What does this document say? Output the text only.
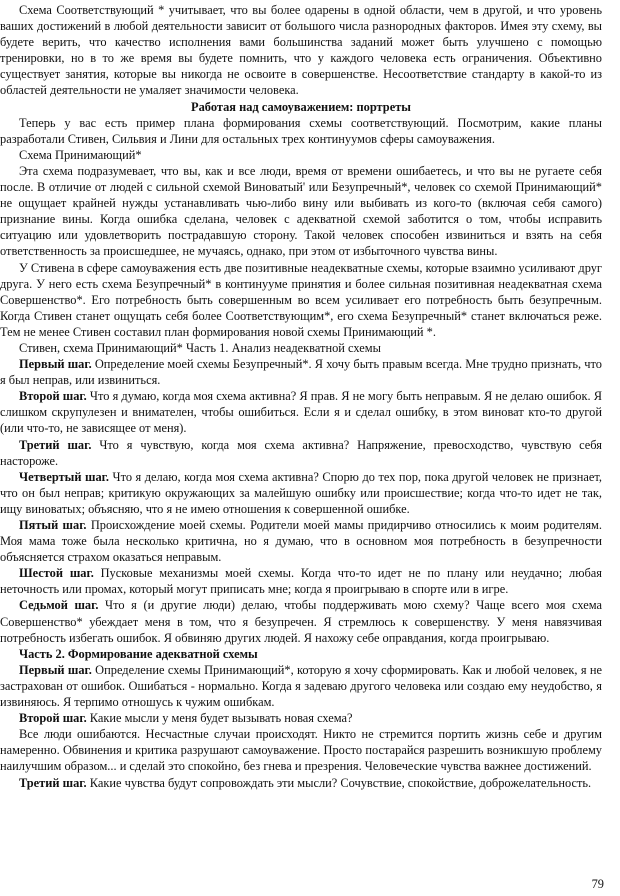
Схема Соответствующий * учитывает, что вы более одарены в одной области, чем в другой, и что уровень ваших достижений в любой деятельности зависит от большого числа разнородных факторов. Имея эту схему, вы будете верить, что качество исполнения вами большинства заданий может быть улучшено с помощью тренировки, но в то же время вы будете помнить, что у каждого человека есть ограничения. Объективно существует занятия, которые вы никогда не освоите в совершенстве. Несоответствие стандарту в какой-то из областей деятельности не умаляет значимости человека.

Работая над самоуважением: портреты

Теперь у вас есть пример плана формирования схемы соответствующий. Посмотрим, какие планы разработали Стивен, Сильвия и Лини для остальных трех континуумов сферы самоуважения.

Схема Принимающий*

Эта схема подразумевает, что вы, как и все люди, время от времени ошибаетесь, и что вы не ругаете себя после. В отличие от людей с сильной схемой Виноватый' или Безупречный*, человек со схемой Принимающий* не ощущает крайней нужды устанавливать чью-либо вину или выбивать из кого-то (включая себя самого) признание вины. Когда ошибка сделана, человек с адекватной схемой заботится о том, чтобы исправить ситуацию или удовлетворить пострадавшую сторону. Такой человек способен извиниться и взять на себя ответственность за происшедшее, не мучаясь, однако, при этом от избыточного чувства вины.

У Стивена в сфере самоуважения есть две позитивные неадекватные схемы, которые взаимно усиливают друг друга. У него есть схема Безупречный* в континууме принятия и более сильная позитивная неадекватная схема Совершенство*. Его потребность быть совершенным во всем усиливает его потребность быть безупречным. Когда Стивен станет ощущать себя более Соответствующим*, его схема Безупречный* станет включаться реже. Тем не менее Стивен составил план формирования новой схемы Принимающий *.

Стивен, схема Принимающий* Часть 1. Анализ неадекватной схемы

Первый шаг. Определение моей схемы Безупречный*. Я хочу быть правым всегда. Мне трудно признать, что я был неправ, или извиниться.

Второй шаг. Что я думаю, когда моя схема активна? Я прав. Я не могу быть неправым. Я не делаю ошибок. Я слишком скрупулезен и внимателен, чтобы ошибиться. Если я и сделал ошибку, в этом виноват кто-то другой (или что-то, не зависящее от меня).

Третий шаг. Что я чувствую, когда моя схема активна? Напряжение, превосходство, чувствую себя настороже.

Четвертый шаг. Что я делаю, когда моя схема активна? Спорю до тех пор, пока другой человек не признает, что он был неправ; критикую окружающих за малейшую ошибку или происшествие; когда что-то идет не так, ищу виноватых; объясняю, что я не имею отношения к совершенной ошибке.

Пятый шаг. Происхождение моей схемы. Родители моей мамы придирчиво относились к моим родителям. Моя мама тоже была несколько критична, но я думаю, что в основном моя потребность в безупречности объясняется страхом оказаться неправым.

Шестой шаг. Пусковые механизмы моей схемы. Когда что-то идет не по плану или неудачно; любая неточность или промах, который могут приписать мне; когда я проигрываю в спорте или в игре.

Седьмой шаг. Что я (и другие люди) делаю, чтобы поддерживать мою схему? Чаще всего моя схема Совершенство* убеждает меня в том, что я безупречен. Я стремлюсь к совершенству. У меня навязчивая потребность избегать ошибок. Я обвиняю других людей. Я нахожу себе оправдания, когда проигрываю.

Часть 2. Формирование адекватной схемы

Первый шаг. Определение схемы Принимающий*, которую я хочу сформировать. Как и любой человек, я не застрахован от ошибок. Ошибаться - нормально. Когда я задеваю другого человека или создаю ему неудобство, я извиняюсь. Я терпимо отношусь к чужим ошибкам.

Второй шаг. Какие мысли у меня будет вызывать новая схема?

Все люди ошибаются. Несчастные случаи происходят. Никто не стремится портить жизнь себе и другим намеренно. Обвинения и критика разрушают самоуважение. Просто постарайся разрешить возникшую проблему наилучшим образом... и сделай это спокойно, без гнева и презрения. Человеческие чувства важнее достижений.

Третий шаг. Какие чувства будут сопровождать эти мысли? Сочувствие, спокойствие, доброжелательность.

79
